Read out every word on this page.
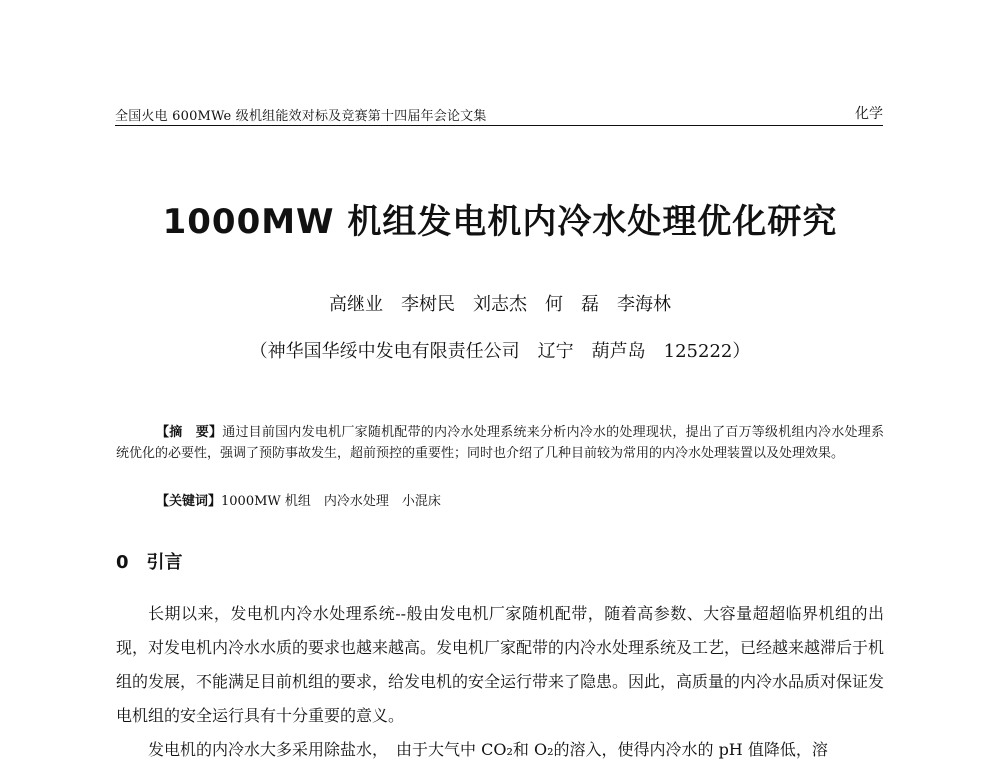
全国火电 600MWe 级机组能效对标及竞赛第十四届年会论文集	化学
1000MW 机组发电机内冷水处理优化研究
高继业　李树民　刘志杰　何　磊　李海林
（神华国华绥中发电有限责任公司　辽宁　葫芦岛　125222）

【摘　要】通过目前国内发电机厂家随机配带的内冷水处理系统来分析内冷水的处理现状，提出了百万等级机组内冷水处理系统优化的必要性，强调了预防事故发生，超前预控的重要性；同时也介绍了几种目前较为常用的内冷水处理装置以及处理效果。

【关键词】1000MW 机组　内冷水处理　小混床

0 引言

长期以来，发电机内冷水处理系统--般由发电机厂家随机配带，随着高参数、大容量超超临界机组的出现，对发电机内冷水水质的要求也越来越高。发电机厂家配带的内冷水处理系统及工艺，已经越来越滞后于机组的发展，不能满足目前机组的要求，给发电机的安全运行带来了隐患。因此，高质量的内冷水品质对保证发电机组的安全运行具有十分重要的意义。

发电机的内冷水大多采用除盐水，　由于大气中 CO₂和 O₂的溶入，使得内冷水的 pH 值降低，溶
